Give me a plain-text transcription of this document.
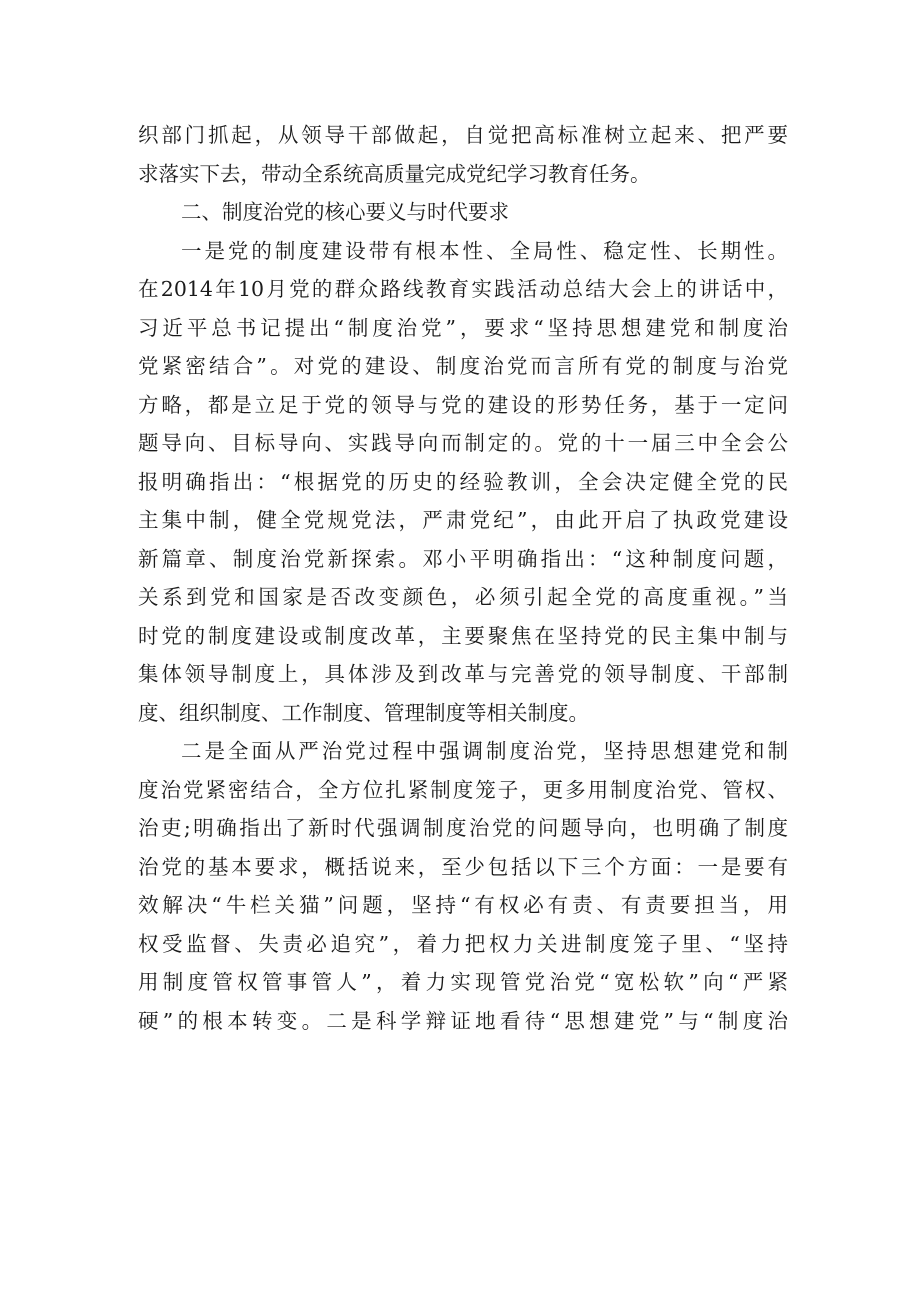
织部门抓起，从领导干部做起，自觉把高标准树立起来、把严要
求落实下去，带动全系统高质量完成党纪学习教育任务。
二、制度治党的核心要义与时代要求
一是党的制度建设带有根本性、全局性、稳定性、长期性。
在2014年10月党的群众路线教育实践活动总结大会上的讲话中，
习近平总书记提出“制度治党”，要求“坚持思想建党和制度治
党紧密结合”。对党的建设、制度治党而言所有党的制度与治党
方略，都是立足于党的领导与党的建设的形势任务，基于一定问
题导向、目标导向、实践导向而制定的。党的十一届三中全会公
报明确指出：“根据党的历史的经验教训，全会决定健全党的民
主集中制，健全党规党法，严肃党纪”，由此开启了执政党建设
新篇章、制度治党新探索。邓小平明确指出：“这种制度问题，
关系到党和国家是否改变颜色，必须引起全党的高度重视。”当
时党的制度建设或制度改革，主要聚焦在坚持党的民主集中制与
集体领导制度上，具体涉及到改革与完善党的领导制度、干部制
度、组织制度、工作制度、管理制度等相关制度。
二是全面从严治党过程中强调制度治党，坚持思想建党和制
度治党紧密结合，全方位扎紧制度笼子，更多用制度治党、管权、
治吏;明确指出了新时代强调制度治党的问题导向，也明确了制度
治党的基本要求，概括说来，至少包括以下三个方面：一是要有
效解决“牛栏关猫”问题，坚持“有权必有责、有责要担当，用
权受监督、失责必追究”，着力把权力关进制度笼子里、“坚持
用制度管权管事管人”，着力实现管党治党“宽松软”向“严紧
硬”的根本转变。二是科学辩证地看待“思想建党”与“制度治
